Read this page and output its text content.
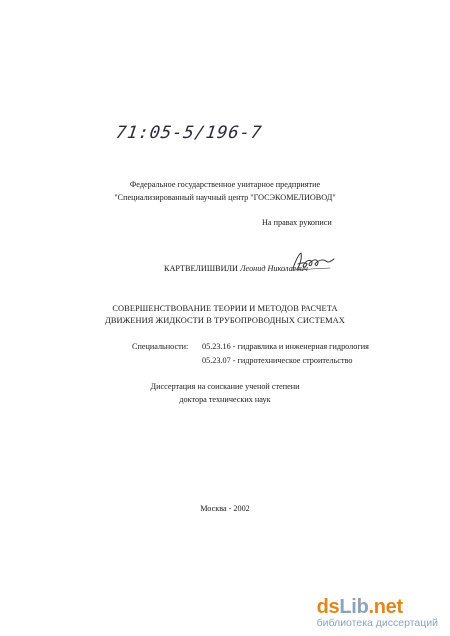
71:05-5/196-7
Федеральное государственное унитарное предприятие
"Специализированный научный центр "ГОСЭКОМЕЛИОВОД"
На правах рукописи
КАРТВЕЛИШВИЛИ Леонид Николаевич
СОВЕРШЕНСТВОВАНИЕ ТЕОРИИ И МЕТОДОВ РАСЧЕТА
ДВИЖЕНИЯ ЖИДКОСТИ В ТРУБОПРОВОДНЫХ СИСТЕМАХ
Специальности: 05.23.16 - гидравлика и инженерная гидрология
05.23.07 - гидротехническое строительство
Диссертация на соискание ученой степени
доктора технических наук
Москва - 2002
dsLib.net
библиотека диссертаций
